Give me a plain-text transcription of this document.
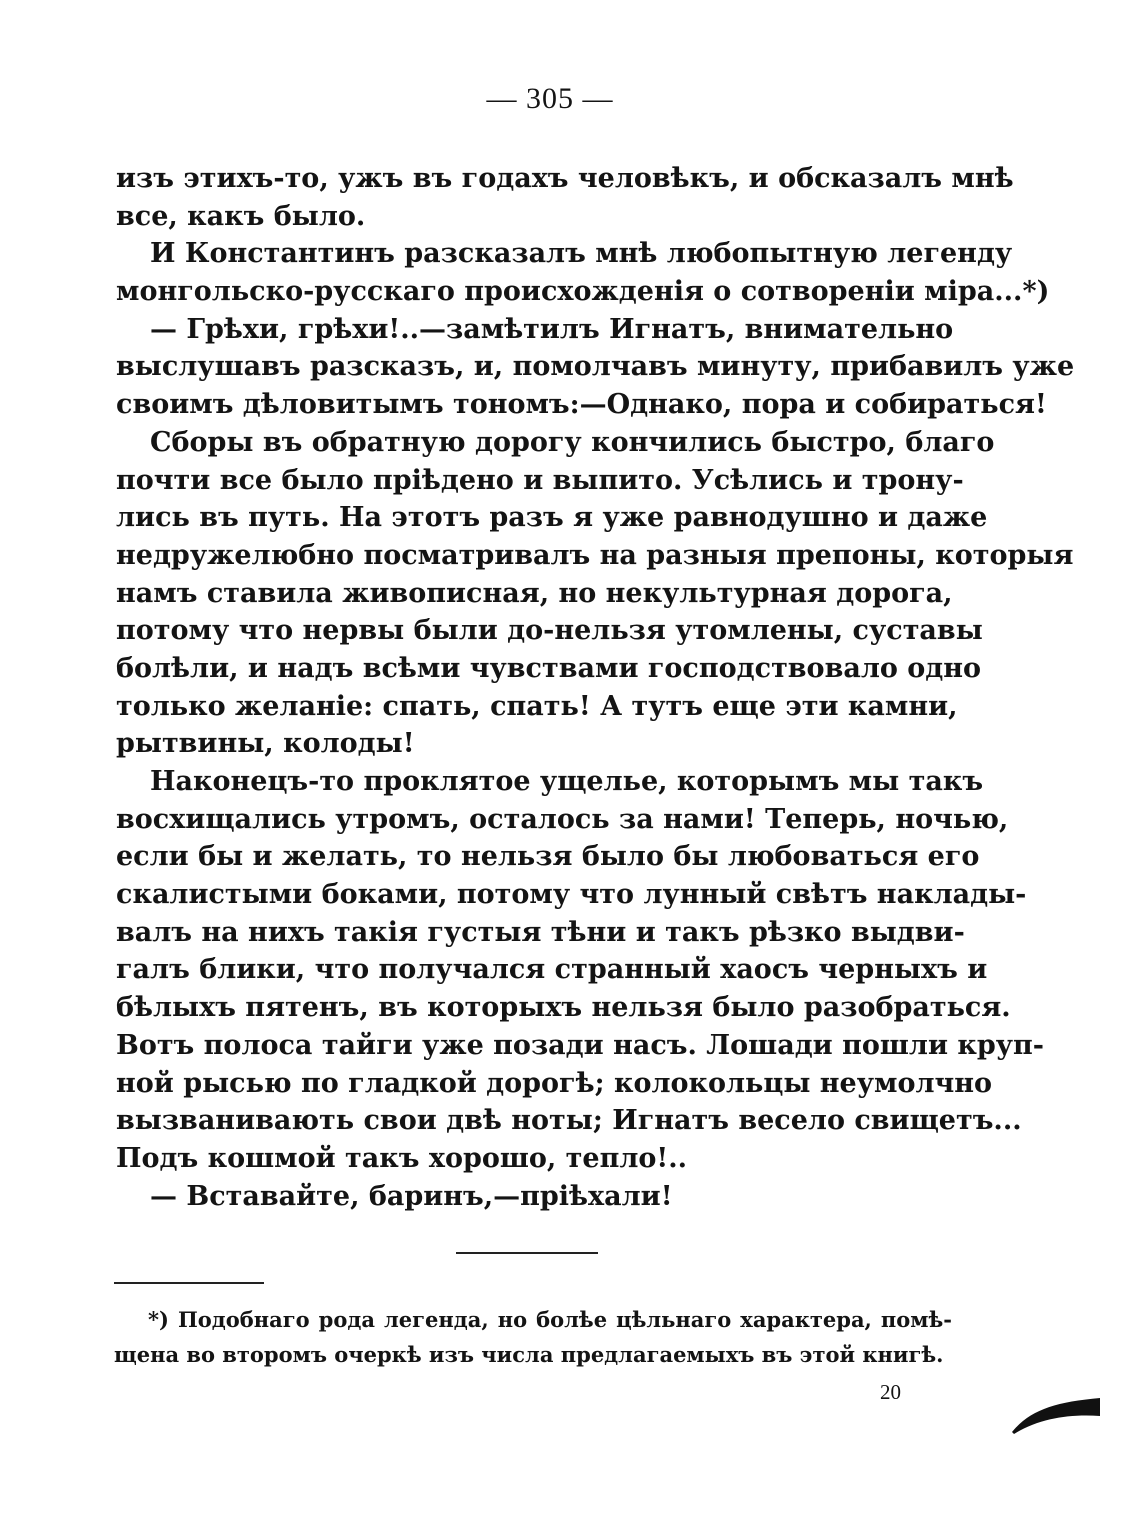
— 305 —
изъ этихъ-то, ужъ въ годахъ человѣкъ, и обсказалъ мнѣ
все, какъ было.
И Константинъ разсказалъ мнѣ любопытную легенду
монгольско-русскаго происхожденія о сотвореніи міра...*)
— Грѣхи, грѣхи!..—замѣтилъ Игнатъ, внимательно
выслушавъ разсказъ, и, помолчавъ минуту, прибавилъ уже
своимъ дѣловитымъ тономъ:—Однако, пора и собираться!
Сборы въ обратную дорогу кончились быстро, благо
почти все было пріѣдено и выпито. Усѣлись и трону-
лись въ путь. На этотъ разъ я уже равнодушно и даже
недружелюбно посматривалъ на разныя препоны, которыя
намъ ставила живописная, но некультурная дорога,
потому что нервы были до-нельзя утомлены, суставы
болѣли, и надъ всѣми чувствами господствовало одно
только желаніе: спать, спать! А тутъ еще эти камни,
рытвины, колоды!
Наконецъ-то проклятое ущелье, которымъ мы такъ
восхищались утромъ, осталось за нами! Теперь, ночью,
если бы и желать, то нельзя было бы любоваться его
скалистыми боками, потому что лунный свѣтъ наклады-
валъ на нихъ такія густыя тѣни и такъ рѣзко выдви-
галъ блики, что получался странный хаосъ черныхъ и
бѣлыхъ пятенъ, въ которыхъ нельзя было разобраться.
Вотъ полоса тайги уже позади насъ. Лошади пошли круп-
ной рысью по гладкой дорогѣ; колокольцы неумолчно
вызванивають свои двѣ ноты; Игнатъ весело свищетъ...
Подъ кошмой такъ хорошо, тепло!..
— Вставайте, баринъ,—пріѣхали!
*) Подобнаго рода легенда, но болѣе цѣльнаго характера, помѣ-
щена во второмъ очеркѣ изъ числа предлагаемыхъ въ этой книгѣ.
20
